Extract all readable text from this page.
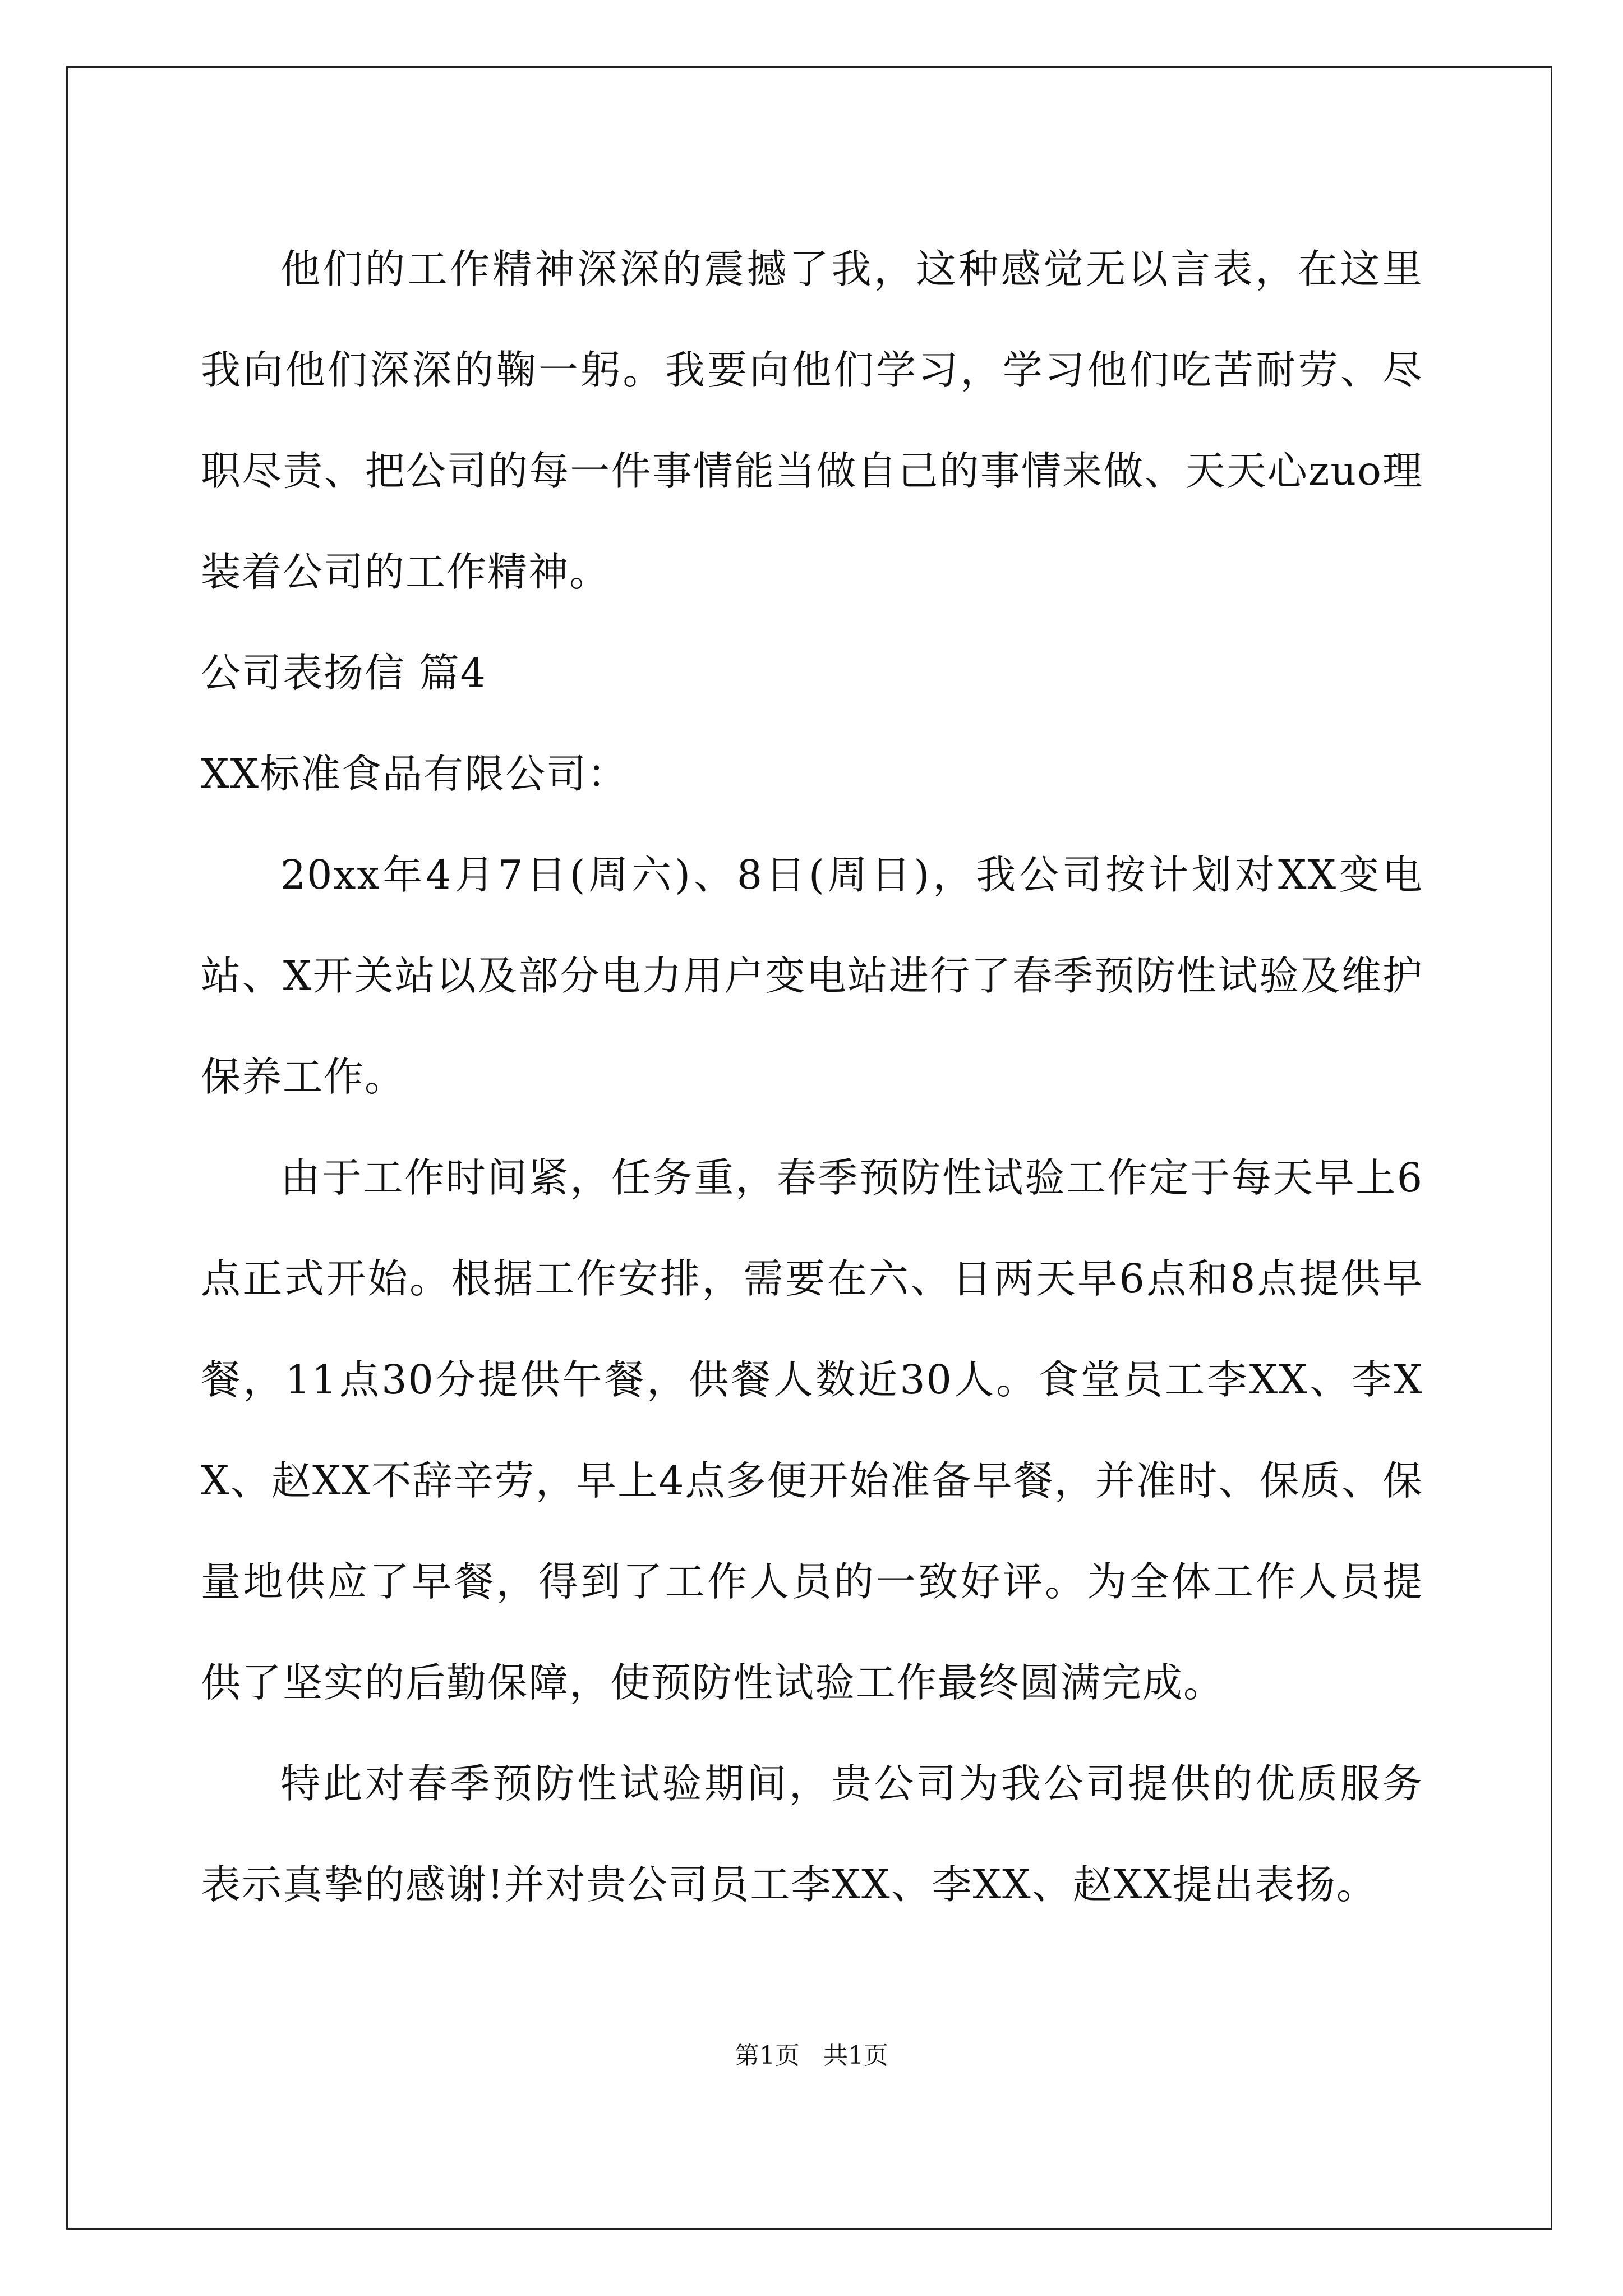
他们的工作精神深深的震撼了我，这种感觉无以言表，在这里我向他们深深的鞠一躬。我要向他们学习，学习他们吃苦耐劳、尽职尽责、把公司的每一件事情能当做自己的事情来做、天天心zuo理装着公司的工作精神。

公司表扬信 篇4

XX标准食品有限公司：

20xx年4月7日(周六)、8日(周日)，我公司按计划对XX变电站、X开关站以及部分电力用户变电站进行了春季预防性试验及维护保养工作。

由于工作时间紧，任务重，春季预防性试验工作定于每天早上6点正式开始。根据工作安排，需要在六、日两天早6点和8点提供早餐，11点30分提供午餐，供餐人数近30人。食堂员工李XX、李XX、赵XX不辞辛劳，早上4点多便开始准备早餐，并准时、保质、保量地供应了早餐，得到了工作人员的一致好评。为全体工作人员提供了坚实的后勤保障，使预防性试验工作最终圆满完成。

特此对春季预防性试验期间，贵公司为我公司提供的优质服务表示真挚的感谢!并对贵公司员工李XX、李XX、赵XX提出表扬。

第1页 共1页
